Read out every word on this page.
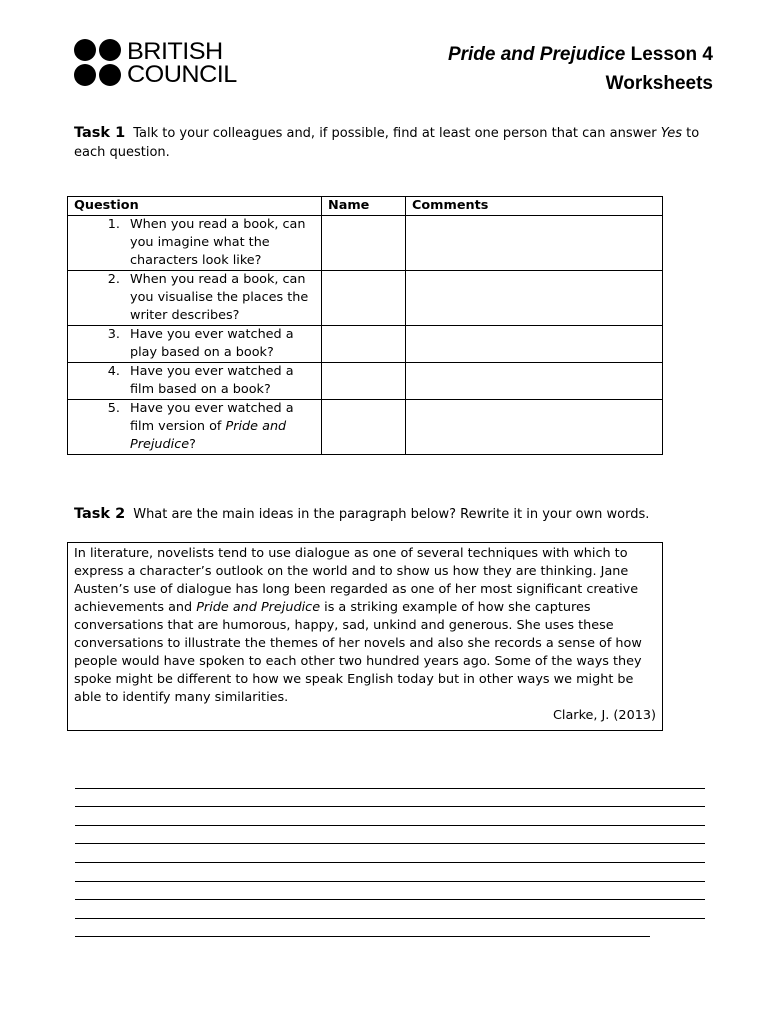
BRITISH
COUNCIL
Pride and Prejudice Lesson 4
Worksheets
Task 1 Talk to your colleagues and, if possible, find at least one person that can answer Yes to each question.
Question	Name	Comments

1. When you read a book, can you imagine what the characters look like?		

2. When you read a book, can you visualise the places the writer describes?		

3. Have you ever watched a play based on a book?		

4. Have you ever watched a film based on a book?		

5. Have you ever watched a film version of Pride and Prejudice?		

Task 2 What are the main ideas in the paragraph below? Rewrite it in your own words.
In literature, novelists tend to use dialogue as one of several techniques with which to express a character’s outlook on the world and to show us how they are thinking. Jane Austen’s use of dialogue has long been regarded as one of her most significant creative achievements and Pride and Prejudice is a striking example of how she captures conversations that are humorous, happy, sad, unkind and generous. She uses these conversations to illustrate the themes of her novels and also she records a sense of how people would have spoken to each other two hundred years ago. Some of the ways they spoke might be different to how we speak English today but in other ways we might be able to identify many similarities.
Clarke, J. (2013)
